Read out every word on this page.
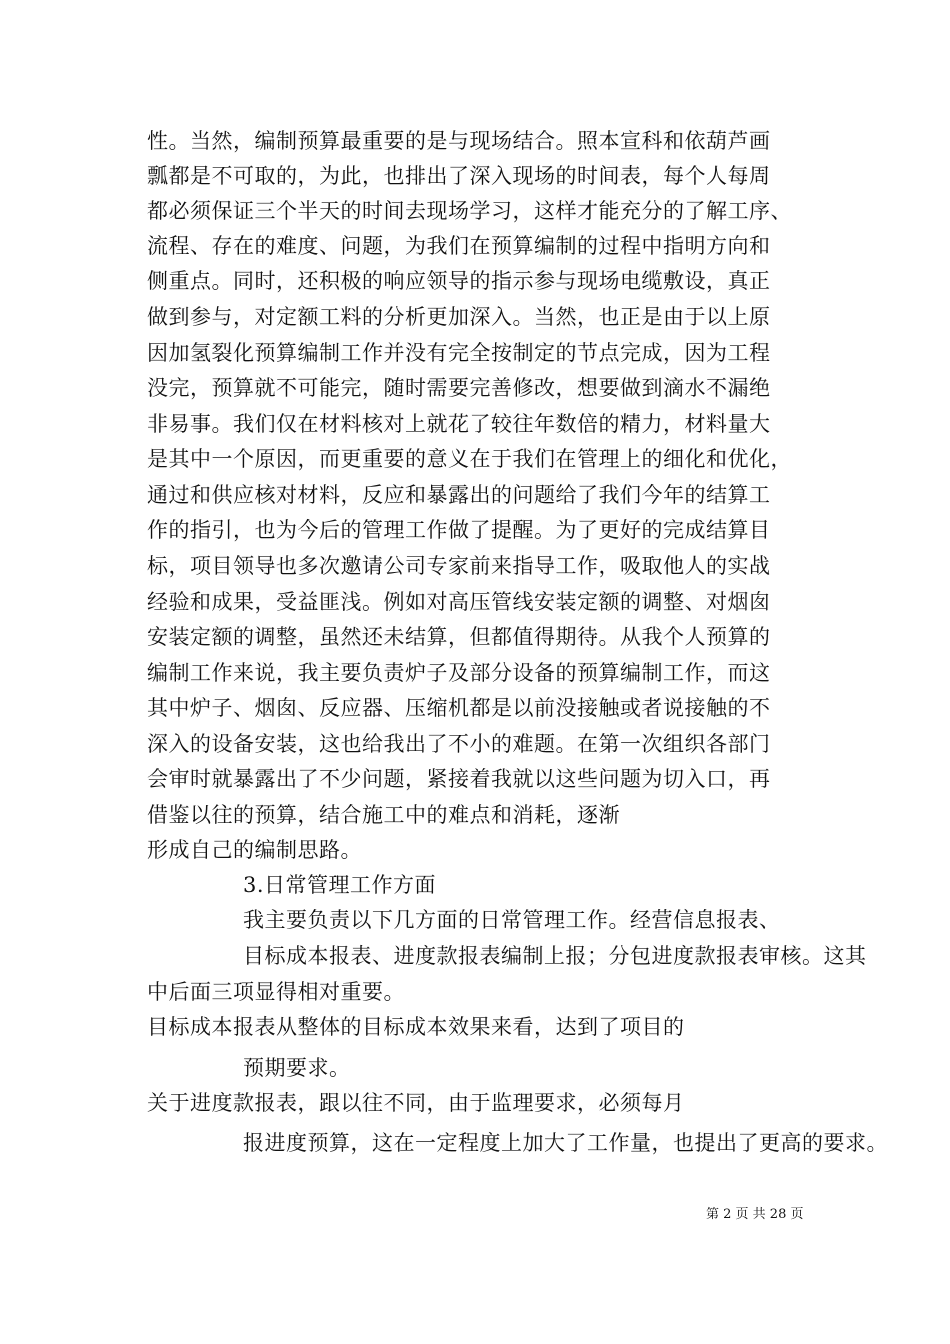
性。当然，编制预算最重要的是与现场结合。照本宣科和依葫芦画
瓢都是不可取的，为此，也排出了深入现场的时间表，每个人每周
都必须保证三个半天的时间去现场学习，这样才能充分的了解工序、
流程、存在的难度、问题，为我们在预算编制的过程中指明方向和
侧重点。同时，还积极的响应领导的指示参与现场电缆敷设，真正
做到参与，对定额工料的分析更加深入。当然，也正是由于以上原
因加氢裂化预算编制工作并没有完全按制定的节点完成，因为工程
没完，预算就不可能完，随时需要完善修改，想要做到滴水不漏绝
非易事。我们仅在材料核对上就花了较往年数倍的精力，材料量大
是其中一个原因，而更重要的意义在于我们在管理上的细化和优化，
通过和供应核对材料，反应和暴露出的问题给了我们今年的结算工
作的指引，也为今后的管理工作做了提醒。为了更好的完成结算目
标，项目领导也多次邀请公司专家前来指导工作，吸取他人的实战
经验和成果，受益匪浅。例如对高压管线安装定额的调整、对烟囱
安装定额的调整，虽然还未结算，但都值得期待。从我个人预算的
编制工作来说，我主要负责炉子及部分设备的预算编制工作，而这
其中炉子、烟囱、反应器、压缩机都是以前没接触或者说接触的不
深入的设备安装，这也给我出了不小的难题。在第一次组织各部门
会审时就暴露出了不少问题，紧接着我就以这些问题为切入口，再
借鉴以往的预算，结合施工中的难点和消耗，逐渐
形成自己的编制思路。
3.日常管理工作方面
我主要负责以下几方面的日常管理工作。经营信息报表、
目标成本报表、进度款报表编制上报；分包进度款报表审核。这其
中后面三项显得相对重要。
目标成本报表从整体的目标成本效果来看，达到了项目的
预期要求。
关于进度款报表，跟以往不同，由于监理要求，必须每月
报进度预算，这在一定程度上加大了工作量，也提出了更高的要求。
第 2 页 共 28 页
